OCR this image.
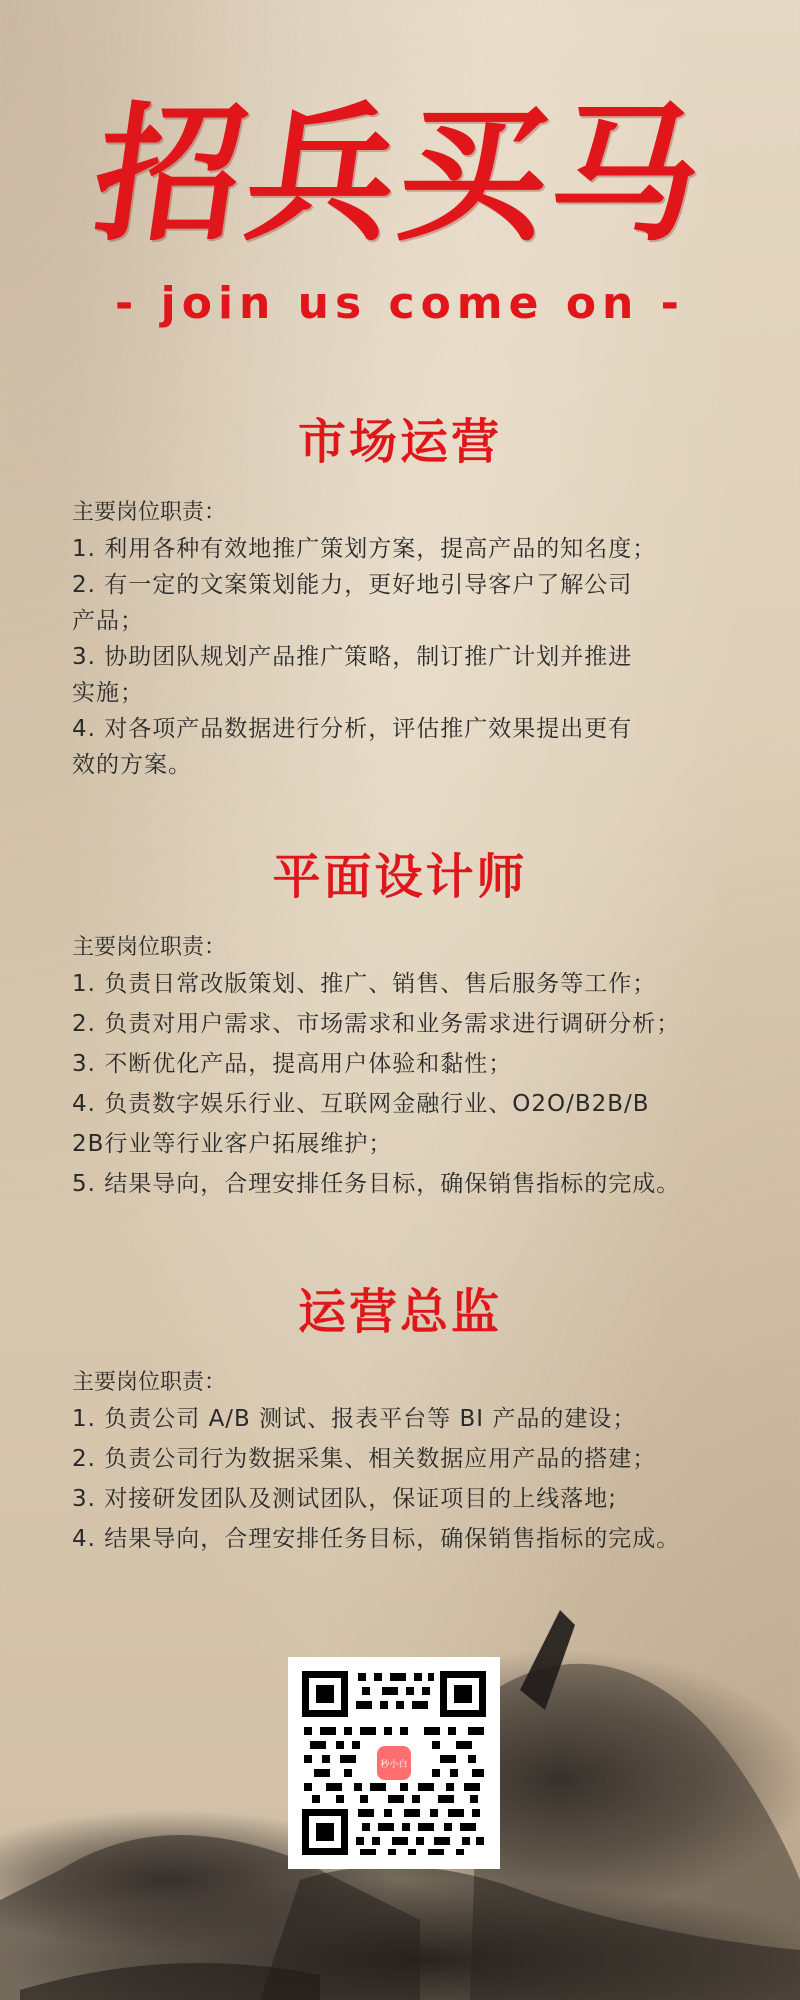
招兵买马
- join us come on -
市场运营
主要岗位职责：
1. 利用各种有效地推广策划方案，提高产品的知名度；
2. 有一定的文案策划能力，更好地引导客户了解公司
产品；
3. 协助团队规划产品推广策略，制订推广计划并推进
实施；
4. 对各项产品数据进行分析，评估推广效果提出更有
效的方案。
平面设计师
主要岗位职责：
1. 负责日常改版策划、推广、销售、售后服务等工作；
2. 负责对用户需求、市场需求和业务需求进行调研分析；
3. 不断优化产品，提高用户体验和黏性；
4. 负责数字娱乐行业、互联网金融行业、O2O/B2B/B
2B行业等行业客户拓展维护；
5. 结果导向，合理安排任务目标，确保销售指标的完成。
运营总监
主要岗位职责：
1. 负责公司 A/B 测试、报表平台等 BI 产品的建设；
2. 负责公司行为数据采集、相关数据应用产品的搭建；
3. 对接研发团队及测试团队，保证项目的上线落地;
4. 结果导向，合理安排任务目标，确保销售指标的完成。
秒小白
